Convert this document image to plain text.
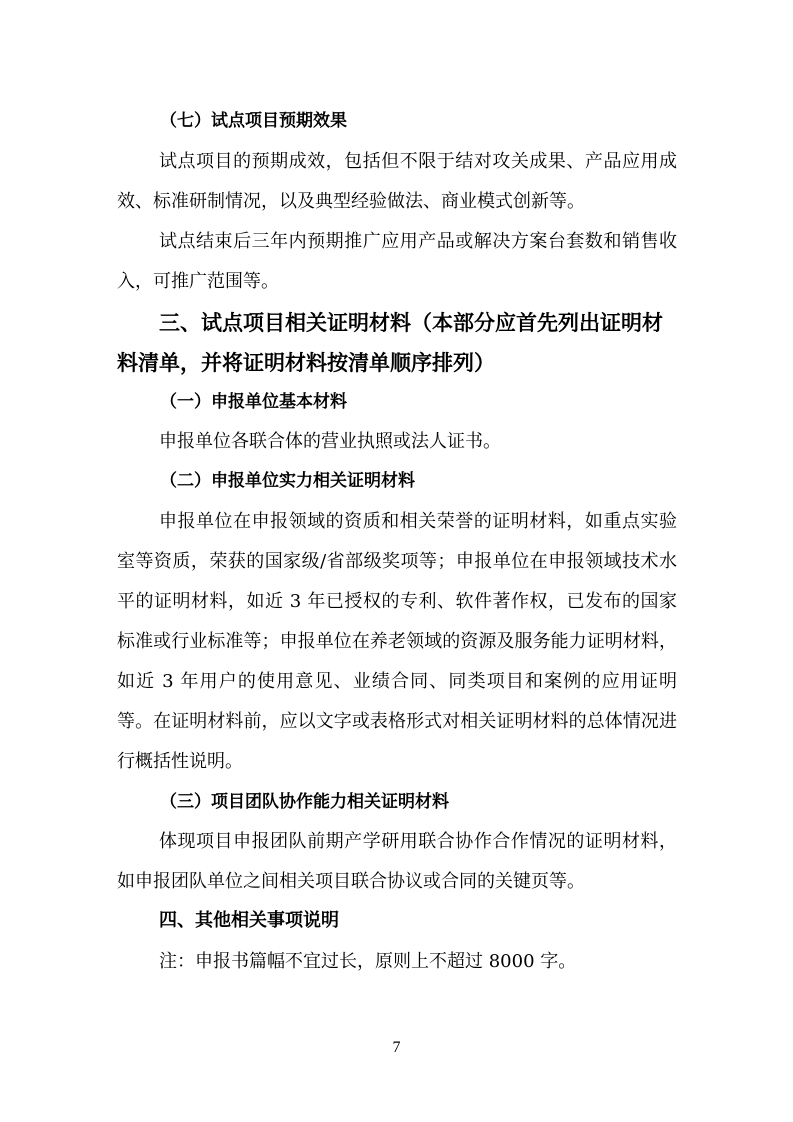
（七）试点项目预期效果

试点项目的预期成效，包括但不限于结对攻关成果、产品应用成效、标准研制情况，以及典型经验做法、商业模式创新等。

试点结束后三年内预期推广应用产品或解决方案台套数和销售收入，可推广范围等。

三、试点项目相关证明材料（本部分应首先列出证明材料清单，并将证明材料按清单顺序排列）

（一）申报单位基本材料

申报单位各联合体的营业执照或法人证书。

（二）申报单位实力相关证明材料

申报单位在申报领域的资质和相关荣誉的证明材料，如重点实验室等资质，荣获的国家级/省部级奖项等；申报单位在申报领域技术水平的证明材料，如近 3 年已授权的专利、软件著作权，已发布的国家标准或行业标准等；申报单位在养老领域的资源及服务能力证明材料，如近 3 年用户的使用意见、业绩合同、同类项目和案例的应用证明等。在证明材料前，应以文字或表格形式对相关证明材料的总体情况进行概括性说明。

（三）项目团队协作能力相关证明材料

体现项目申报团队前期产学研用联合协作合作情况的证明材料，如申报团队单位之间相关项目联合协议或合同的关键页等。

四、其他相关事项说明

注：申报书篇幅不宜过长，原则上不超过 8000 字。

7
